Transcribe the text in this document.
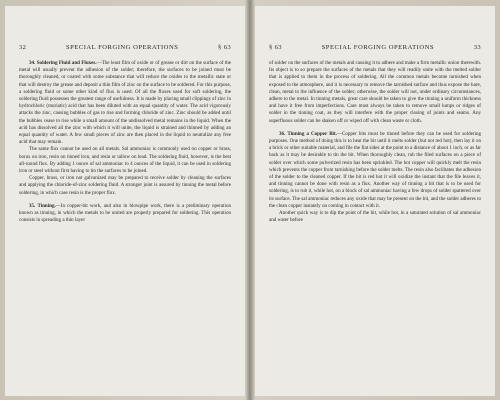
32	SPECIAL FORGING OPERATIONS	§ 63

34. Soldering Fluid and Fluxes.—The least film of oxide or of grease or dirt on the surface of the metal will usually prevent the adhesion of the solder; therefore, the surfaces to be joined must be thoroughly cleaned, or coated with some substance that will reduce the oxides to the metallic state or that will destroy the grease and deposit a thin film of zinc on the surface to be soldered. For this purpose, a soldering fluid or some other kind of flux is used. Of all the fluxes used for soft soldering, the soldering fluid possesses the greatest range of usefulness. It is made by placing small clippings of zinc in hydrochloric (muriatic) acid that has been diluted with an equal quantity of water. The acid vigorously attacks the zinc, causing bubbles of gas to rise and forming chloride of zinc. Zinc should be added until the bubbles cease to rise while a small amount of the undissolved metal remains in the liquid. When the acid has dissolved all the zinc with which it will unite, the liquid is strained and thinned by adding an equal quantity of water. A few small pieces of zinc are then placed in the liquid to neutralize any free acid that may remain.

The same flux cannot be used on all metals. Sal ammoniac is commonly used on copper or brass, borax on iron, resin on tinned iron, and resin or tallow on lead. The soldering fluid, however, is the best all-round flux. By adding 1 ounce of sal ammoniac to 4 ounces of the liquid, it can be used in soldering iron or steel without first having to tin the surfaces to be joined.

Copper, brass, or iron not galvanized may be prepared to receive solder by cleaning the surfaces and applying the chloride-of-zinc soldering fluid. A stronger joint is assured by tinning the metal before soldering, in which case resin is the proper flux.

35. Tinning.—In copper-bit work, and also in blowpipe work, there is a preliminary operation known as tinning, in which the metals to be united are properly prepared for soldering. This operation consists in spreading a thin layer

§ 63	SPECIAL FORGING OPERATIONS	33

of solder on the surfaces of the metals and causing it to adhere and make a firm metallic union therewith. Its object is to so prepare the surfaces of the metals that they will readily unite with the melted solder that is applied to them in the process of soldering. All the common metals become tarnished when exposed to the atmosphere, and it is necessary to remove the tarnished surface and thus expose the bare, clean, metal to the influence of the solder; otherwise, the solder will not, under ordinary circumstances, adhere to the metal. In tinning metals, great care should be taken to give the tinning a uniform thickness and have it free from imperfections. Care must always be taken to remove small lumps or ridges of solder in the tinning coat, as they will interfere with the proper closing of joints and seams. Any superfluous solder can be shaken off or wiped off with clean waste or cloth.

36. Tinning a Copper Bit.—Copper bits must be tinned before they can be used for soldering purposes. One method of doing this is to heat the bit until it melts solder (but not red hot), then lay it on a brick or other suitable material, and file the flat sides at the point to a distance of about 1 inch, or as far back as it may be desirable to tin the bit. When thoroughly clean, rub the filed surfaces on a piece of solder over which some pulverized resin has been sprinkled. The hot copper will quickly melt the resin which prevents the copper from tarnishing before the solder melts. The resin also facilitates the adhesion of the solder to the cleaned copper. If the bit is red hot it will oxidize the instant that the file leaves it, and tinning cannot be done with resin as a flux. Another way of tinning a bit that is to be used for soldering, is to rub it, while hot, on a block of sal ammoniac having a few drops of solder spattered over its surface. The sal ammoniac reduces any oxide that may be present on the bit, and the solder adheres to the clean copper instantly on coming in contact with it.

Another quick way is to dip the point of the bit, while hot, in a saturated solution of sal ammoniac and water before
